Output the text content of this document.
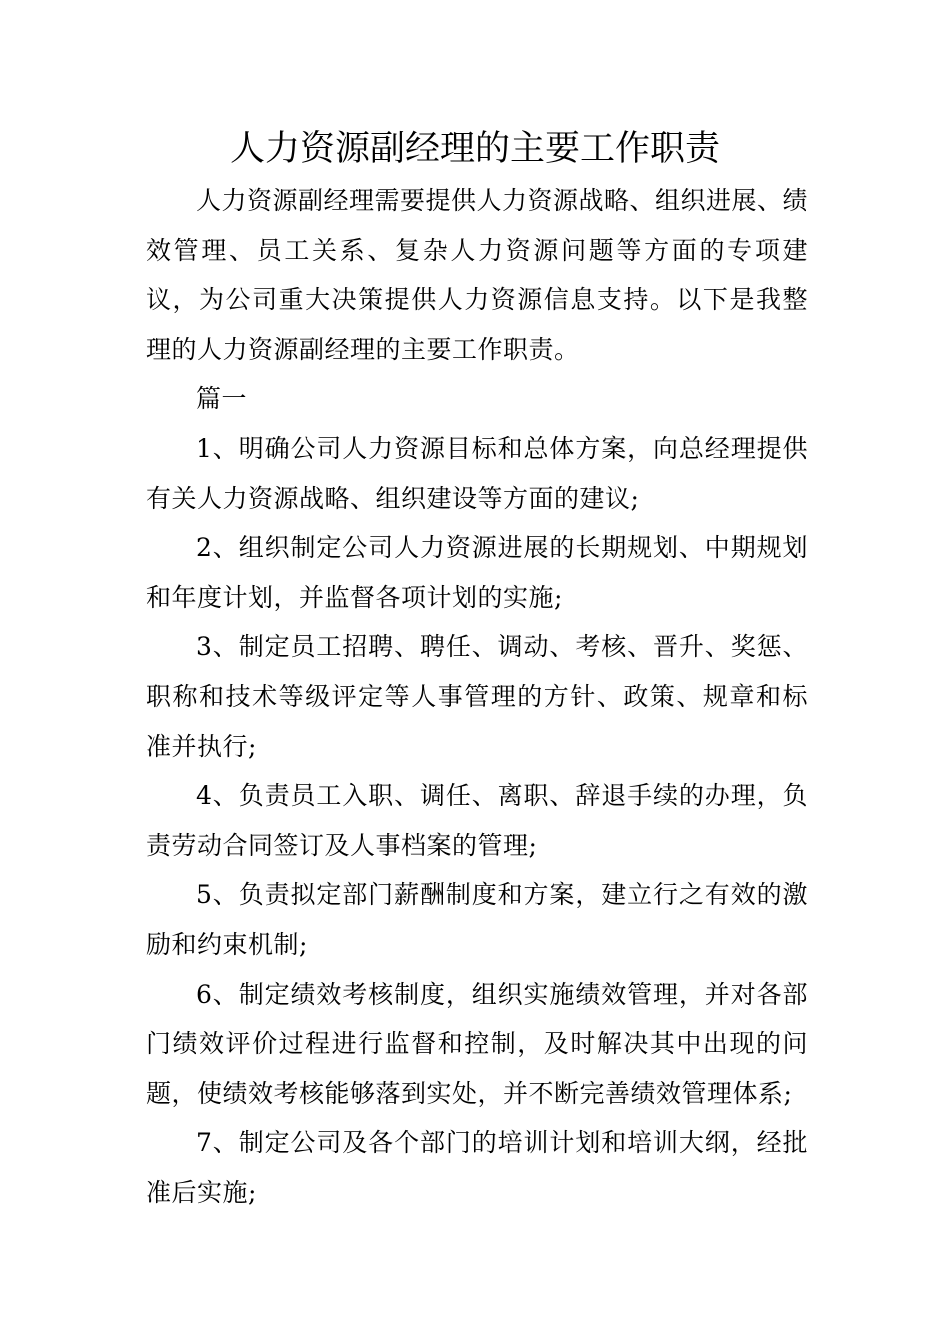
人力资源副经理的主要工作职责

人力资源副经理需要提供人力资源战略、组织进展、绩效管理、员工关系、复杂人力资源问题等方面的专项建议，为公司重大决策提供人力资源信息支持。以下是我整理的人力资源副经理的主要工作职责。

篇一

1、明确公司人力资源目标和总体方案，向总经理提供有关人力资源战略、组织建设等方面的建议;

2、组织制定公司人力资源进展的长期规划、中期规划和年度计划，并监督各项计划的实施;

3、制定员工招聘、聘任、调动、考核、晋升、奖惩、职称和技术等级评定等人事管理的方针、政策、规章和标准并执行;

4、负责员工入职、调任、离职、辞退手续的办理，负责劳动合同签订及人事档案的管理;

5、负责拟定部门薪酬制度和方案，建立行之有效的激励和约束机制;

6、制定绩效考核制度，组织实施绩效管理，并对各部门绩效评价过程进行监督和控制，及时解决其中出现的问题，使绩效考核能够落到实处，并不断完善绩效管理体系;

7、制定公司及各个部门的培训计划和培训大纲，经批准后实施;
